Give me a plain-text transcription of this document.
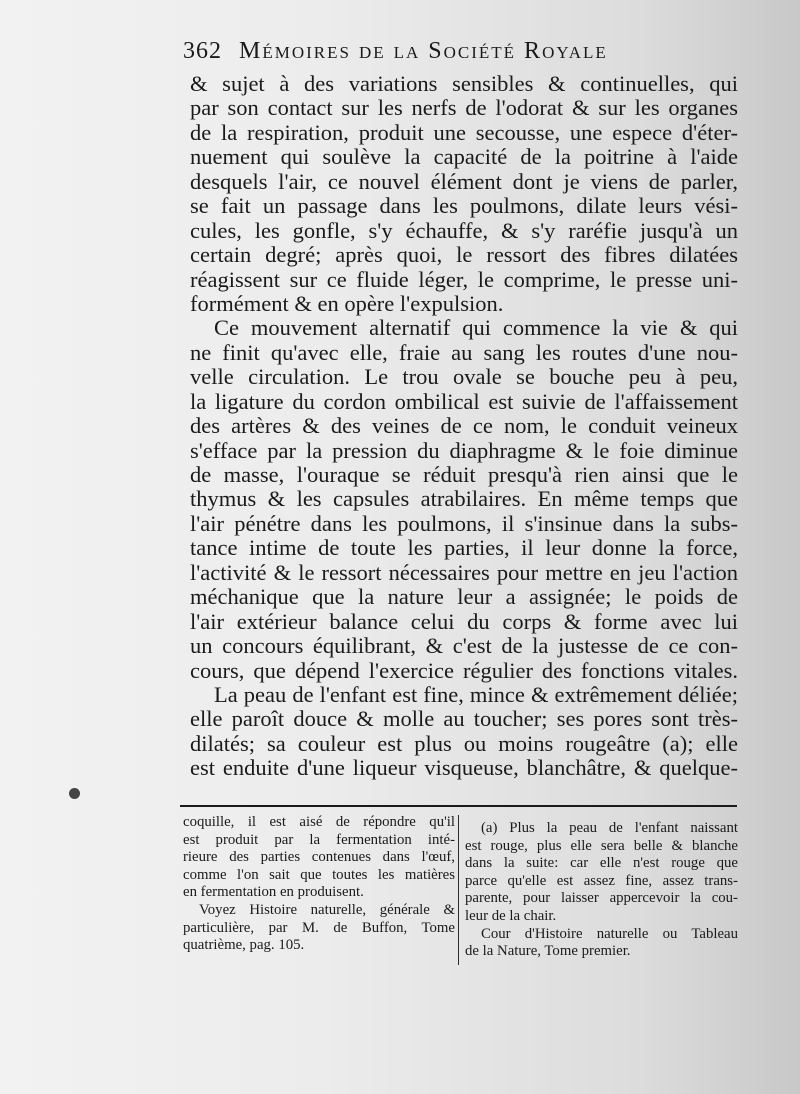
362 Mémoires de la Société Royale
& sujet à des variations sensibles & continuelles, qui
par son contact sur les nerfs de l'odorat & sur les organes
de la respiration, produit une secousse, une espece d'éter-
nuement qui soulève la capacité de la poitrine à l'aide
desquels l'air, ce nouvel élément dont je viens de parler,
se fait un passage dans les poulmons, dilate leurs vési-
cules, les gonfle, s'y échauffe, & s'y raréfie jusqu'à un
certain degré; après quoi, le ressort des fibres dilatées
réagissent sur ce fluide léger, le comprime, le presse uni-
formément & en opère l'expulsion.
Ce mouvement alternatif qui commence la vie & qui
ne finit qu'avec elle, fraie au sang les routes d'une nou-
velle circulation. Le trou ovale se bouche peu à peu,
la ligature du cordon ombilical est suivie de l'affaissement
des artères & des veines de ce nom, le conduit veineux
s'efface par la pression du diaphragme & le foie diminue
de masse, l'ouraque se réduit presqu'à rien ainsi que le
thymus & les capsules atrabilaires. En même temps que
l'air pénétre dans les poulmons, il s'insinue dans la subs-
tance intime de toute les parties, il leur donne la force,
l'activité & le ressort nécessaires pour mettre en jeu l'action
méchanique que la nature leur a assignée; le poids de
l'air extérieur balance celui du corps & forme avec lui
un concours équilibrant, & c'est de la justesse de ce con-
cours, que dépend l'exercice régulier des fonctions vitales.
La peau de l'enfant est fine, mince & extrêmement déliée;
elle paroît douce & molle au toucher; ses pores sont très-
dilatés; sa couleur est plus ou moins rougeâtre (a); elle
est enduite d'une liqueur visqueuse, blanchâtre, & quelque-
coquille, il est aisé de répondre qu'il
est produit par la fermentation inté-
rieure des parties contenues dans l'œuf,
comme l'on sait que toutes les matières
en fermentation en produisent.
Voyez Histoire naturelle, générale &
particulière, par M. de Buffon, Tome
quatrième, pag. 105.
(a) Plus la peau de l'enfant naissant
est rouge, plus elle sera belle & blanche
dans la suite: car elle n'est rouge que
parce qu'elle est assez fine, assez trans-
parente, pour laisser appercevoir la cou-
leur de la chair.
Cour d'Histoire naturelle ou Tableau
de la Nature, Tome premier.
